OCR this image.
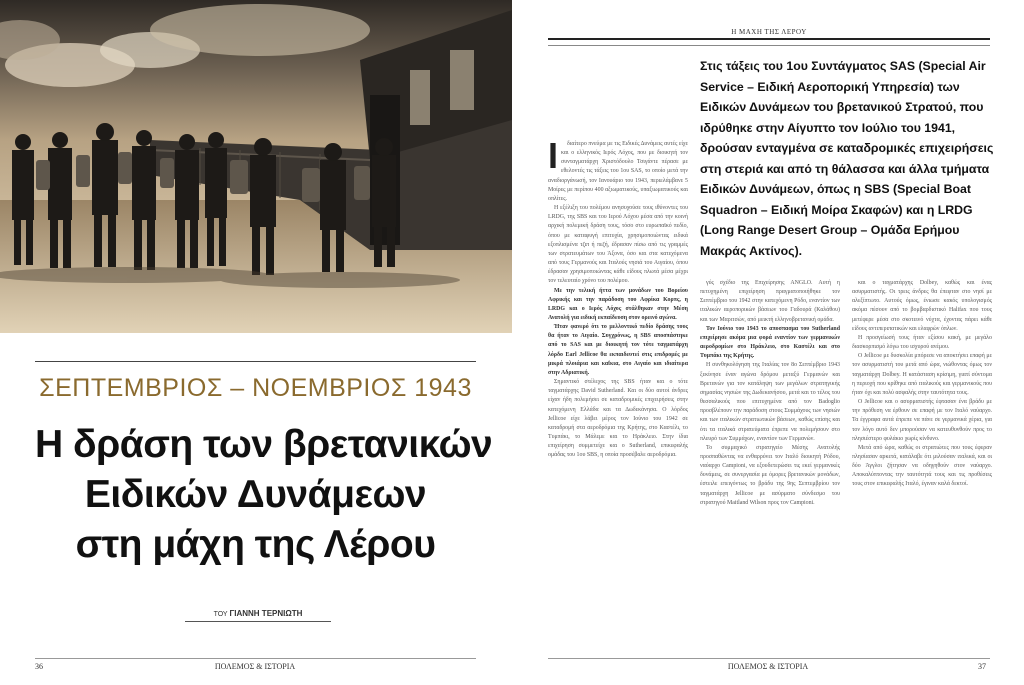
ΣΕΠΤΕΜΒΡΙΟΣ – ΝΟΕΜΒΡΙΟΣ 1943
Η δράση των βρετανικών
Ειδικών Δυνάμεων
στη μάχη της Λέρου
ΤΟΥ ΓΙΑΝΝΗ ΤΕΡΝΙΩΤΗ
36	ΠΟΛΕΜΟΣ & ΙΣΤΟΡΙΑ
Η ΜΑΧΗ ΤΗΣ ΛΕΡΟΥ
Στις τάξεις του 1ου Συντάγματος SAS (Special Air Service – Ειδική Αεροπορική Υπηρεσία) των Ειδικών Δυνάμεων του βρετανικού Στρατού, που ιδρύθηκε στην Αίγυπτο τον Ιούλιο του 1941, δρούσαν ενταγμένα σε καταδρομικές επιχειρήσεις στη στεριά και από τη θάλασσα και άλλα τμήματα Ειδικών Δυνάμεων, όπως η SBS (Special Boat Squadron – Ειδική Μοίρα Σκαφών) και η LRDG (Long Range Desert Group – Ομάδα Ερήμου Μακράς Ακτίνος).
Ι	διαίτερο πνεύμα με τις Ειδικές Δυνάμεις αυτές είχε και ο ελληνικός Ιερός Λόχος, που με διοικητή τον συνταγματάρχη Χριστόδουλο Τσιγάντε πέρασε με εθελοντές τις τάξεις του 1ου SAS, το οποίο μετά την αναδιοργάνωσή, τον Ιανουάριο του 1943, περιελάμβανε 5 Μοίρες με περίπου 400 αξιωματικούς, υπαξιωματικούς και οπλίτες.

Η εξέλιξη του πολέμου ανησυχούσε τους ιθύνοντες του LRDG, της SBS και του Ιερού Λόχου μέσα από την κοινή αρχική πολεμική δράση τους, τόσο στο ευρωπαϊκό πεδίο, όπου με καταφυγή επιτυχία, χρησιμοποιώντας ειδικά εξοπλισμένα τζιπ ή πεζή, έδρασαν πίσω από τις γραμμές των στρατευμάτων του Άξονα, όσο και στα κατεχόμενα από τους Γερμανούς και Ιταλούς νησιά του Αιγαίου, όπου έδρασαν χρησιμοποιώντας κάθε είδους πλωτά μέσα μέχρι τον τελευταίο χρόνο του πολέμου.

Με την τελική ήττα των μονάδων του Βορείου Αφρικής και την παράδοση του Αφρίκα Κορπς, η LRDG και ο Ιερός Λόχος στάλθηκαν στην Μέση Ανατολή για ειδική εκπαίδευση στον ορεινό αγώνα.

Ήταν φανερό ότι το μελλοντικό πεδίο δράσης τους θα ήταν το Αιγαίο. Συγχρόνως, η SBS αποσπάστηκε από το SAS και με διοικητή τον τότε ταγματάρχη λόρδο Earl Jellicoe θα εκπαιδευτεί στις επιδρομές με μικρά πλοιάρια και καΐκια, στο Αιγαίο και ιδιαίτερα στην Αδριατική.

Σημαντικό στέλεχος της SBS ήταν και ο τότε ταγματάρχης David Sutherland. Και οι δύο αυτοί άνδρες είχαν ήδη πολεμήσει σε καταδρομικές επιχειρήσεις στην κατεχόμενη Ελλάδα και τα Δωδεκάνησα. Ο λόρδος Jellicoe είχε λάβει μέρος τον Ιούνιο του 1942 σε καταδρομή στα αεροδρόμια της Κρήτης, στο Καστέλι, το Τυμπάκι, το Μάλεμε και το Ηράκλειο. Στην ίδια επιχείρηση συμμετείχε και ο Sutherland, επικεφαλής ομάδας του 1ου SBS, η οποία προσέβαλε αεροδρόμια.

γύς σχέδιο της Επιχείρησης ANGLO. Αυτή η πετυχημένη επιχείρηση πραγματοποιήθηκε τον Σεπτέμβριο του 1942 στην κατεχόμενη Ρόδο, εναντίον των ιταλικών αεροπορικών βάσεων του Γαδουρά (Καλάθου) και των Μαριτσών, από μεικτή ελληνοβρετανική ομάδα.

Τον Ιούνιο του 1943 το αποσπασμα του Sutherland επιχείρησε ακόμα μια φορά εναντίον των γερμανικών αεροδρομίων στο Ηράκλειο, στο Καστέλι και στο Τυμπάκι της Κρήτης.

Η συνθηκολόγηση της Ιταλίας τον 8ο Σεπτέμβριο 1943 ξεκίνησε έναν αγώνα δρόμου μεταξύ Γερμανών και Βρετανών για τον κατάληψη των μεγάλων στρατηγικής σημασίας νησιών της Δωδεκανήσου, μετά και το τέλος του θεσσαλικούς που επιτυχημένα από τον Badoglio προσβλέπουν την παράδοση στους Συμμάχους των νησιών και των ιταλικών στρατιωτικών βάσεων, καθώς επίσης και ότι τα ιταλικά στρατεύματα έπρεπε να πολεμήσουν στο πλευρό των Συμμάχων, εναντίον των Γερμανών.

Το συμμαχικό στρατηγείο Μέσης Ανατολής προσπαθώντας να ενθαρρύνει τον Ιταλό διοικητή Ρόδου, ναύαρχο Campioni, να εξουδετερώσει τις εκεί γερμανικές δυνάμεις, σε συνεργασία με όμορες βρετανικών μονάδων, έστειλε επειγόντως το βράδυ της 9ης Σεπτεμβρίου τον ταγματάρχη Jellicoe με ασύρματο σύνδεσμο του στρατηγού Maitland Wilson προς τον Campioni.

και ο ταγματάρχης Dolbey, καθώς και ένας ασυρματιστής. Οι τρεις άνδρες θα έπεφταν στο νησί με αλεξίπτωτο. Αυτούς όμως, ένιωσε κακός υπολογισμός ακόμα πέσουν από το βομβαρδιστικό Halifax που τους μετέφερε μέσα στο σκοτεινό νύχτα, έχοντας πάρει κάθε είδους αντιπεριπατικών και ελαφρών όπλων.

Η προσγείωσή τους ήταν εξίσου κακή, με μεγάλο διασκορπισμό λόγω του ισχυρού ανέμου.

Ο Jellicoe με δυσκολία μπόρεσε να αποκτήσει επαφή με τον ασυρματιστή του μετά από ώρα, νιώθοντας όμως τον ταγματάρχη Dolbey. Η κατάσταση κρίσιμη, γιατί σύντομα η περιοχή που κρίθηκε από ιταλικούς και γερμανικούς που ήταν όχι και πολύ ασφαλής στην ταυτότητα τους.

Ο Jellicoe και ο ασυρματιστής έφτασαν ένα βράδυ με την πρόθεση να έρθουν σε επαφή με τον Ιταλό ναύαρχο. Τα έγγραφα αυτά έπρεπε να πάνε σε γερμανικά χέρια, για τον λόγο αυτό δεν μπορούσαν να κατευθυνθούν προς το πλησιέστερο φυλάκιο χωρίς κίνδυνο.

Μετά από ώρα, καθώς οι στρατιώτες που τους έφεραν πλησίασαν αρκετά, κατάλαβε ότι μιλούσαν ιταλικά, και οι δύο Άγγλοι ζήτησαν να οδηγηθούν στον ναύαρχο. Αποκαλύπτοντας την ταυτότητά τους και τις προθέσεις τους στον επικεφαλής Ιταλό, έγιναν καλά δεκτοί.

ΠΟΛΕΜΟΣ & ΙΣΤΟΡΙΑ	37
